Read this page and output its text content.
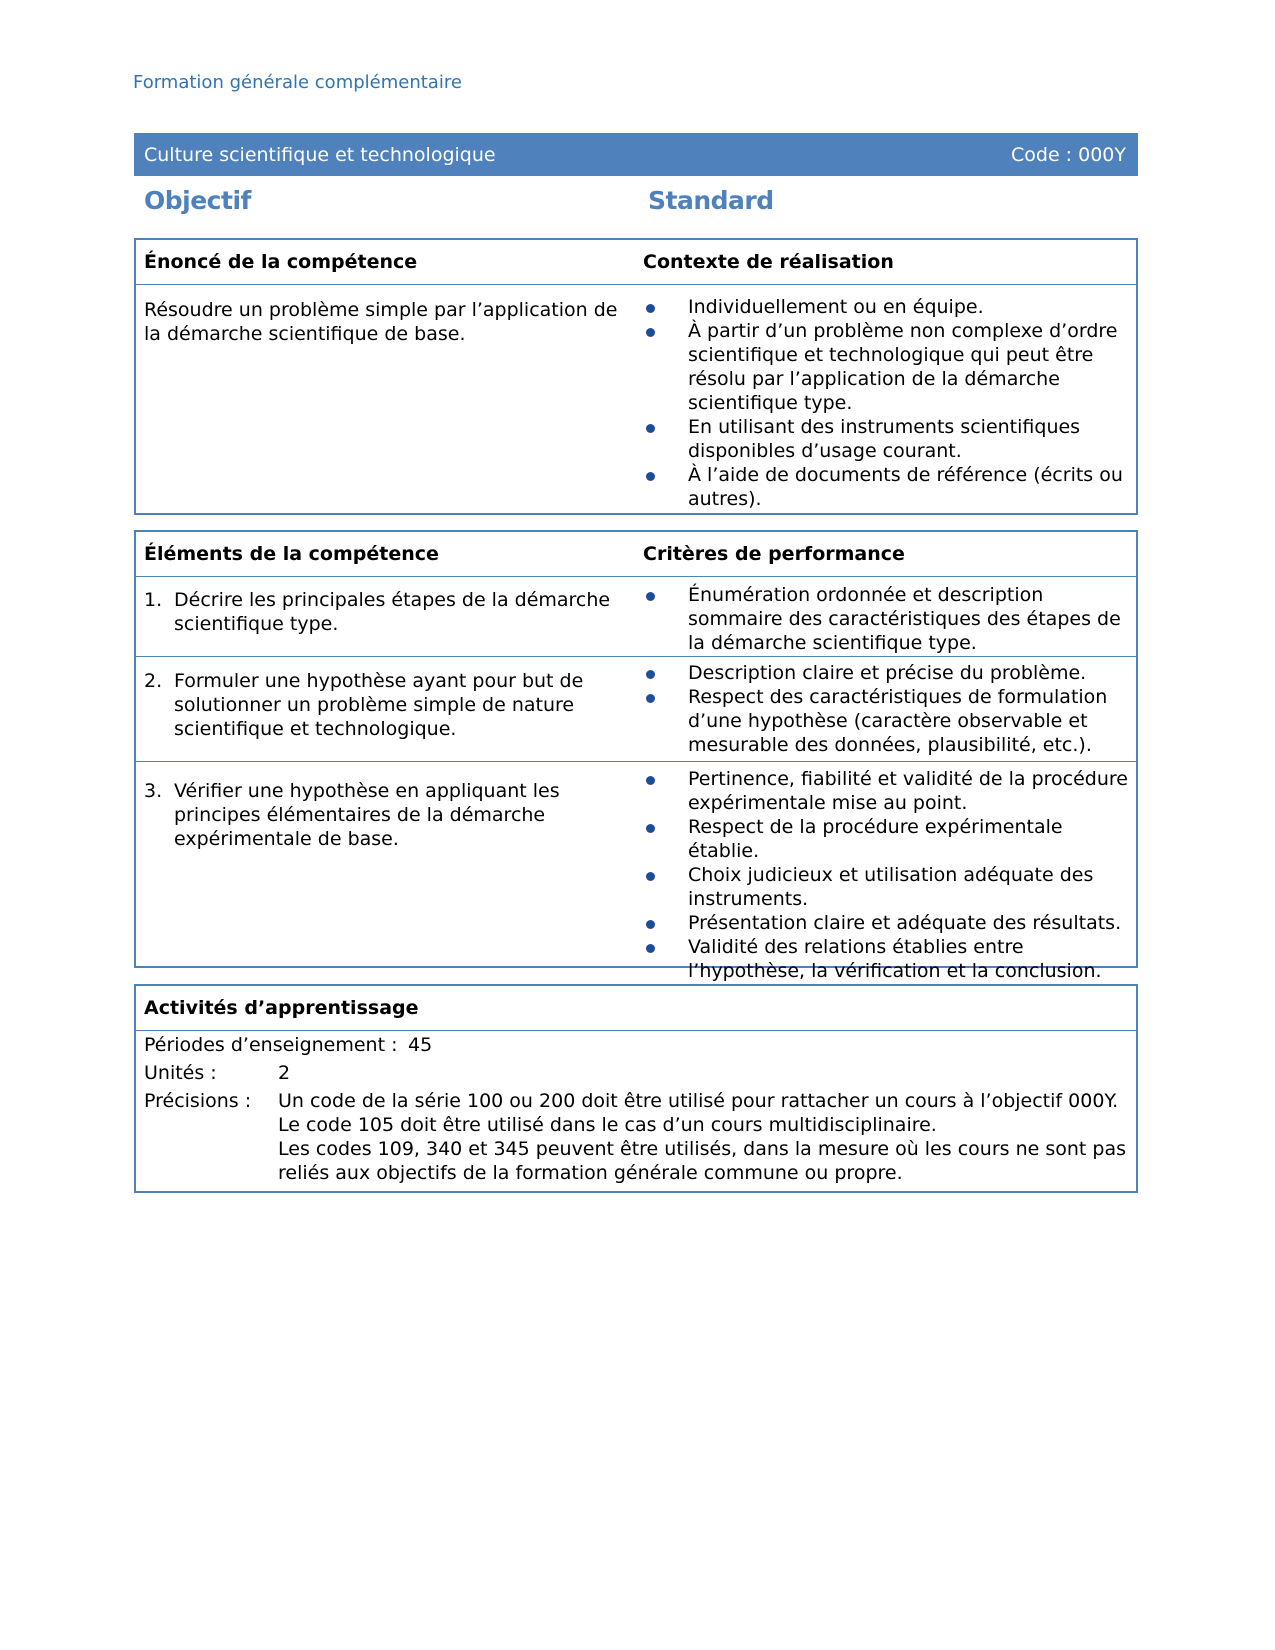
Formation générale complémentaire
Culture scientifique et technologique	Code : 000Y
Objectif	Standard
Énoncé de la compétence	Contexte de réalisation
Résoudre un problème simple par l’application de la démarche scientifique de base.
Individuellement ou en équipe.
À partir d’un problème non complexe d’ordre scientifique et technologique qui peut être résolu par l’application de la démarche scientifique type.
En utilisant des instruments scientifiques disponibles d’usage courant.
À l’aide de documents de référence (écrits ou autres).
Éléments de la compétence	Critères de performance
1. Décrire les principales étapes de la démarche scientifique type.
Énumération ordonnée et description sommaire des caractéristiques des étapes de la démarche scientifique type.
2. Formuler une hypothèse ayant pour but de solutionner un problème simple de nature scientifique et technologique.
Description claire et précise du problème.
Respect des caractéristiques de formulation d’une hypothèse (caractère observable et mesurable des données, plausibilité, etc.).
3. Vérifier une hypothèse en appliquant les principes élémentaires de la démarche expérimentale de base.
Pertinence, fiabilité et validité de la procédure expérimentale mise au point.
Respect de la procédure expérimentale établie.
Choix judicieux et utilisation adéquate des instruments.
Présentation claire et adéquate des résultats.
Validité des relations établies entre l’hypothèse, la vérification et la conclusion.
Activités d’apprentissage
Périodes d’enseignement : 45
Unités :	2
Précisions :	Un code de la série 100 ou 200 doit être utilisé pour rattacher un cours à l’objectif 000Y.
Le code 105 doit être utilisé dans le cas d’un cours multidisciplinaire.
Les codes 109, 340 et 345 peuvent être utilisés, dans la mesure où les cours ne sont pas reliés aux objectifs de la formation générale commune ou propre.
